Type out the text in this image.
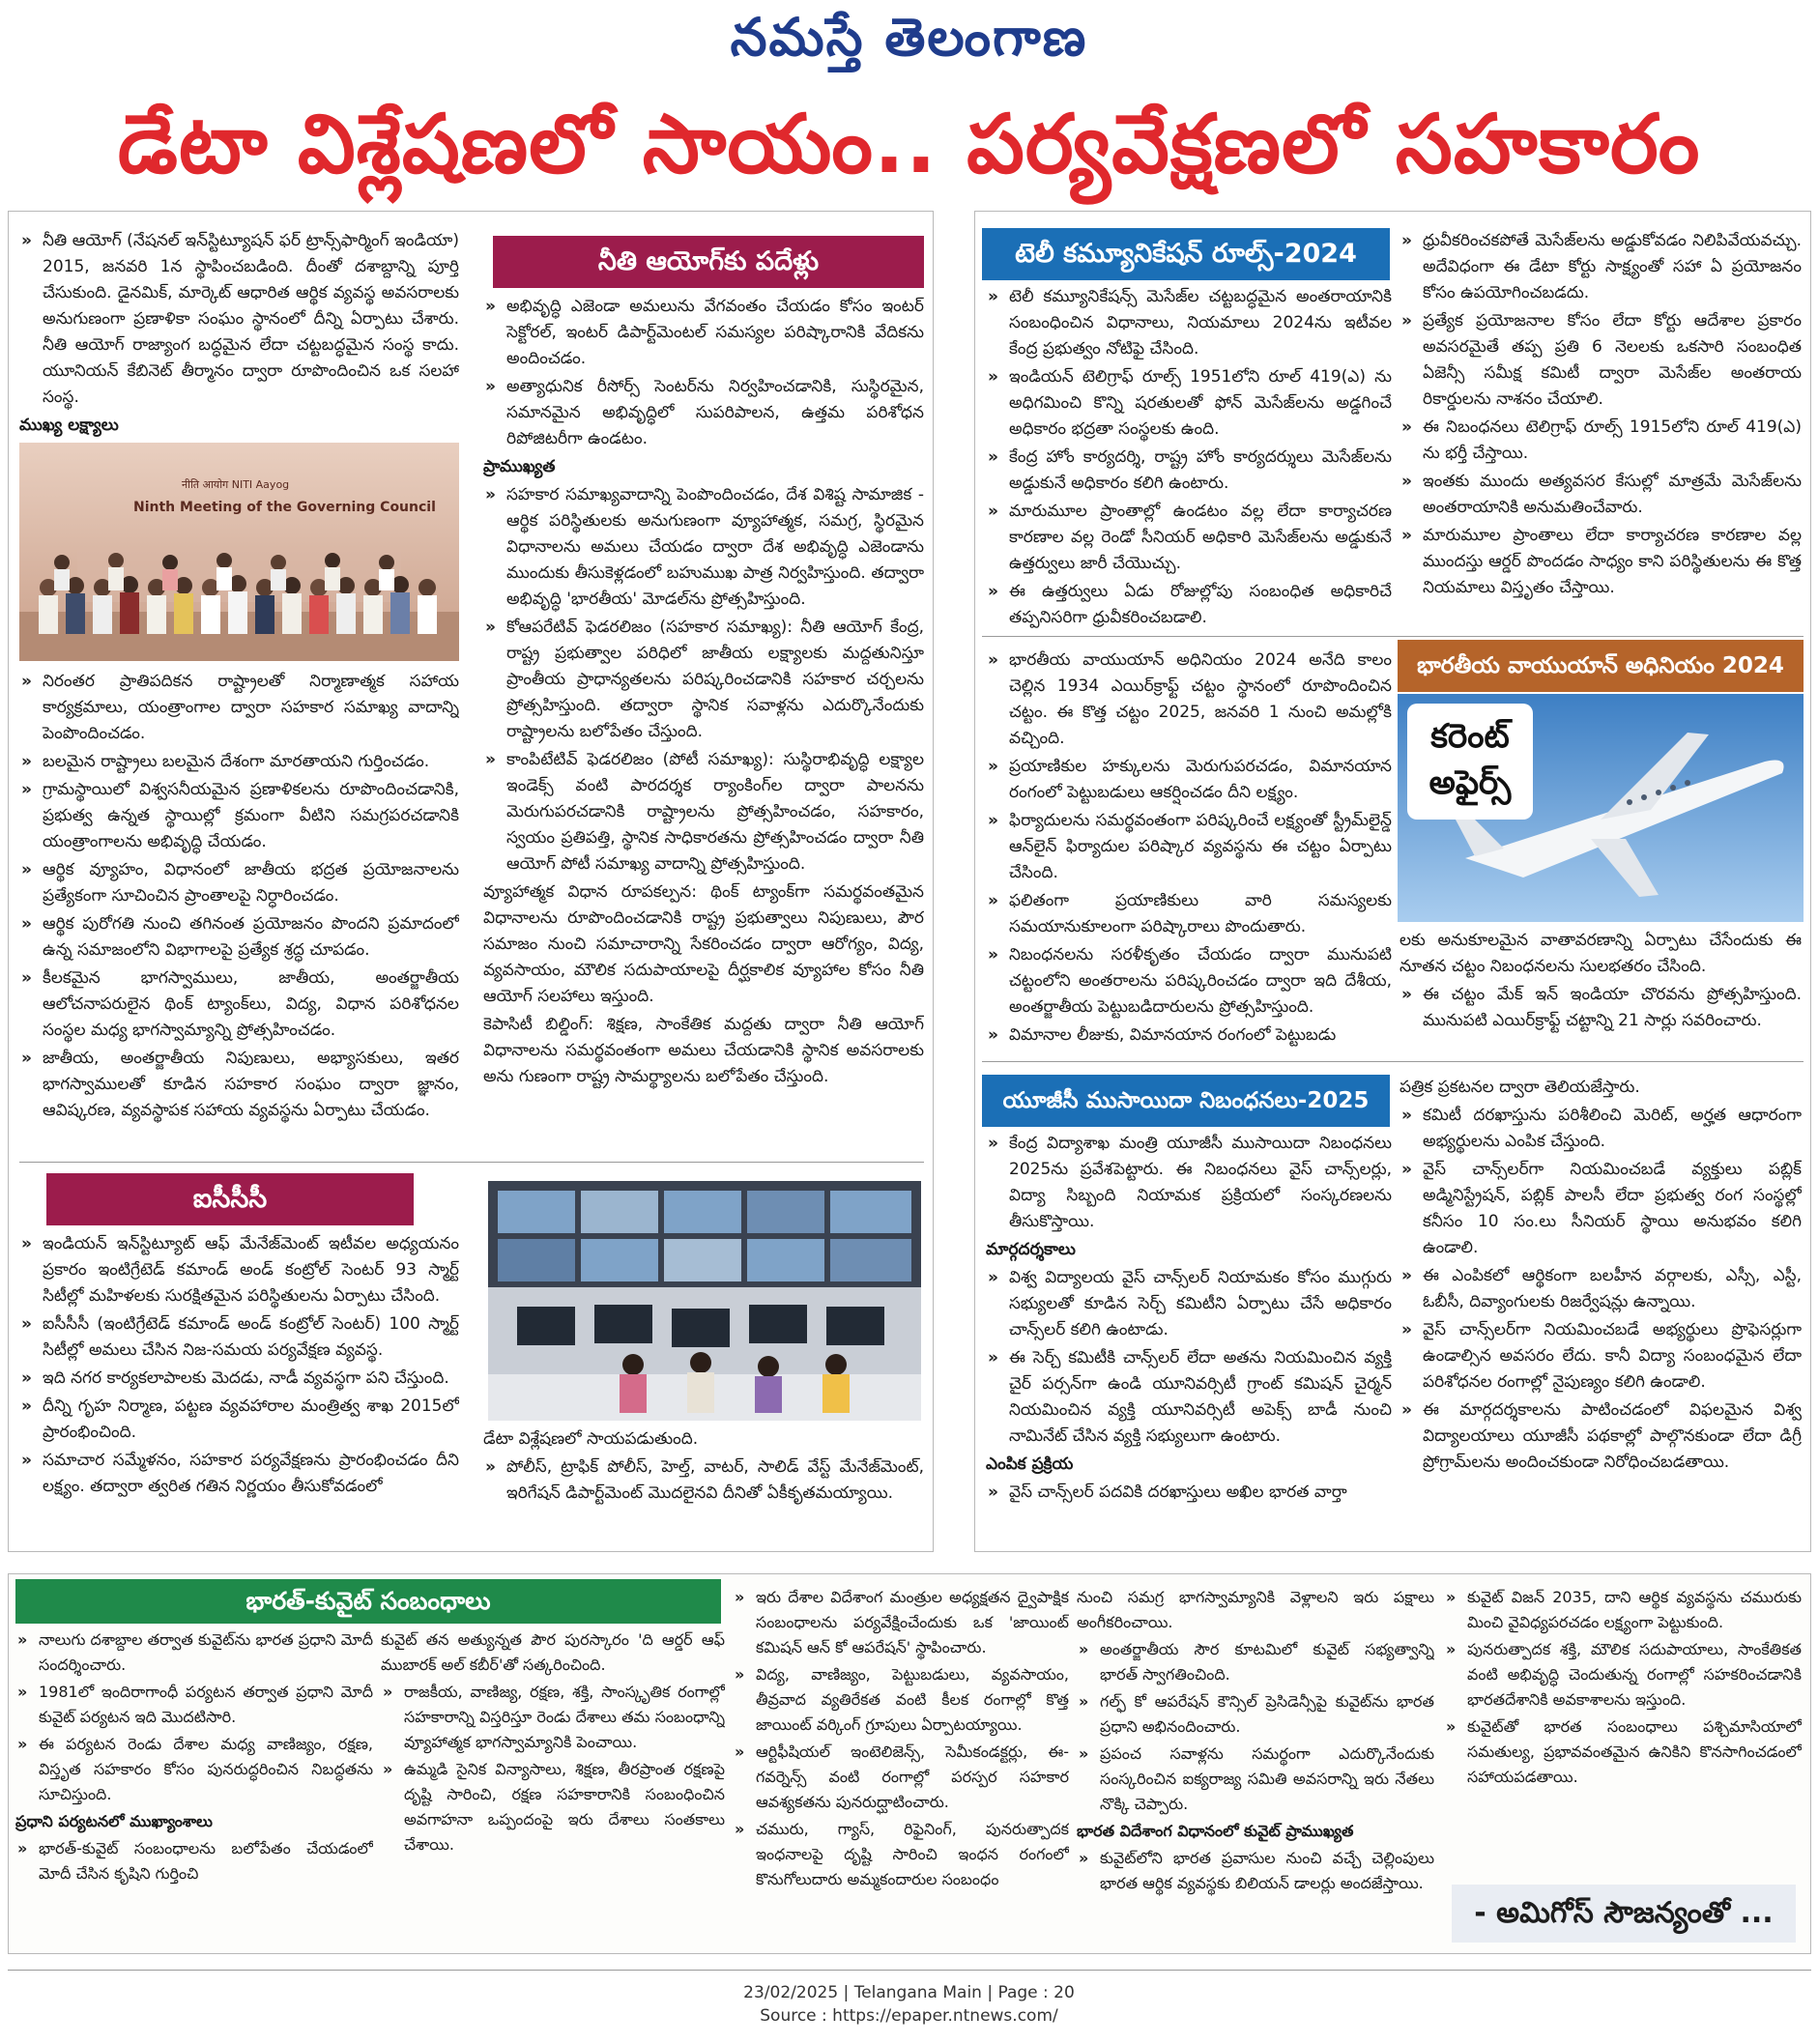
నమస్తే తెలంగాణ
డేటా విశ్లేషణలో సాయం.. పర్యవేక్షణలో సహకారం

» నీతి ఆయోగ్ (నేషనల్ ఇన్‌స్టిట్యూషన్ ఫర్ ట్రాన్స్‌ఫార్మింగ్ ఇండియా) 2015, జనవరి 1న స్థాపించబడింది. దీంతో దశాబ్దాన్ని పూర్తి చేసుకుంది. డైనమిక్, మార్కెట్ ఆధారిత ఆర్థిక వ్యవస్థ అవసరాలకు అనుగుణంగా ప్రణాళికా సంఘం స్థానంలో దీన్ని ఏర్పాటు చేశారు. నీతి ఆయోగ్ రాజ్యాంగ బద్ధమైన లేదా చట్టబద్ధమైన సంస్థ కాదు. యూనియన్ కేబినెట్ తీర్మానం ద్వారా రూపొందించిన ఒక సలహా సంస్థ.

ముఖ్య లక్ష్యాలు
नीति आयोग NITI Aayog
Ninth Meeting of the Governing Council

» నిరంతర ప్రాతిపదికన రాష్ట్రాలతో నిర్మాణాత్మక సహాయ కార్యక్రమాలు, యంత్రాంగాల ద్వారా సహకార సమాఖ్య వాదాన్ని పెంపొందించడం.

» బలమైన రాష్ట్రాలు బలమైన దేశంగా మారతాయని గుర్తించడం.

» గ్రామస్థాయిలో విశ్వసనీయమైన ప్రణాళికలను రూపొందించడానికి, ప్రభుత్వ ఉన్నత స్థాయిల్లో క్రమంగా వీటిని సమగ్రపరచడానికి యంత్రాంగాలను అభివృద్ధి చేయడం.

» ఆర్థిక వ్యూహం, విధానంలో జాతీయ భద్రత ప్రయోజనాలను ప్రత్యేకంగా సూచించిన ప్రాంతాలపై నిర్ధారించడం.

» ఆర్థిక పురోగతి నుంచి తగినంత ప్రయోజనం పొందని ప్రమాదంలో ఉన్న సమాజంలోని విభాగాలపై ప్రత్యేక శ్రద్ధ చూపడం.

» కీలకమైన భాగస్వాములు, జాతీయ, అంతర్జాతీయ ఆలోచనాపరులైన థింక్ ట్యాంక్‌లు, విద్య, విధాన పరిశోధనల సంస్థల మధ్య భాగస్వామ్యాన్ని ప్రోత్సహించడం.

» జాతీయ, అంతర్జాతీయ నిపుణులు, అభ్యాసకులు, ఇతర భాగస్వాములతో కూడిన సహకార సంఘం ద్వారా జ్ఞానం, ఆవిష్కరణ, వ్యవస్థాపక సహాయ వ్యవస్థను ఏర్పాటు చేయడం.

నీతి ఆయోగ్‌కు పదేళ్లు

» అభివృద్ధి ఎజెండా అమలును వేగవంతం చేయడం కోసం ఇంటర్ సెక్టోరల్, ఇంటర్ డిపార్ట్‌మెంటల్ సమస్యల పరిష్కారానికి వేదికను అందించడం.

» అత్యాధునిక రీసోర్స్ సెంటర్‌ను నిర్వహించడానికి, సుస్థిరమైన, సమానమైన అభివృద్ధిలో సుపరిపాలన, ఉత్తమ పరిశోధన రిపోజిటరీగా ఉండటం.

ప్రాముఖ్యత

» సహకార సమాఖ్యవాదాన్ని పెంపొందించడం, దేశ విశిష్ట సామాజిక - ఆర్థిక పరిస్థితులకు అనుగుణంగా వ్యూహాత్మక, సమగ్ర, స్థిరమైన విధానాలను అమలు చేయడం ద్వారా దేశ అభివృద్ధి ఎజెండాను ముందుకు తీసుకెళ్లడంలో బహుముఖ పాత్ర నిర్వహిస్తుంది. తద్వారా అభివృద్ధి 'భారతీయ' మోడల్‌ను ప్రోత్సహిస్తుంది.

» కోఆపరేటివ్ ఫెడరలిజం (సహకార సమాఖ్య): నీతి ఆయోగ్ కేంద్ర, రాష్ట్ర ప్రభుత్వాల పరిధిలో జాతీయ లక్ష్యాలకు మద్దతునిస్తూ ప్రాంతీయ ప్రాధాన్యతలను పరిష్కరించడానికి సహకార చర్చలను ప్రోత్సహిస్తుంది. తద్వారా స్థానిక సవాళ్లను ఎదుర్కొనేందుకు రాష్ట్రాలను బలోపేతం చేస్తుంది.

» కాంపిటేటివ్ ఫెడరలిజం (పోటీ సమాఖ్య): సుస్థిరాభివృద్ధి లక్ష్యాల ఇండెక్స్ వంటి పారదర్శక ర్యాంకింగ్‌ల ద్వారా పాలనను మెరుగుపరచడానికి రాష్ట్రాలను ప్రోత్సహించడం, సహకారం, స్వయం ప్రతిపత్తి, స్థానిక సాధికారతను ప్రోత్సహించడం ద్వారా నీతి ఆయోగ్ పోటీ సమాఖ్య వాదాన్ని ప్రోత్సహిస్తుంది.

వ్యూహాత్మక విధాన రూపకల్పన: థింక్ ట్యాంక్‌గా సమర్థవంతమైన విధానాలను రూపొందించడానికి రాష్ట్ర ప్రభుత్వాలు నిపుణులు, పౌర సమాజం నుంచి సమాచారాన్ని సేకరించడం ద్వారా ఆరోగ్యం, విద్య, వ్యవసాయం, మౌలిక సదుపాయాలపై దీర్ఘకాలిక వ్యూహాల కోసం నీతి ఆయోగ్ సలహాలు ఇస్తుంది.

కెపాసిటీ బిల్డింగ్: శిక్షణ, సాంకేతిక మద్దతు ద్వారా నీతి ఆయోగ్ విధానాలను సమర్థవంతంగా అమలు చేయడానికి స్థానిక అవసరాలకు అను గుణంగా రాష్ట్ర సామర్థ్యాలను బలోపేతం చేస్తుంది.

ఐసీసీసీ

» ఇండియన్ ఇన్‌స్టిట్యూట్ ఆఫ్ మేనేజ్‌మెంట్ ఇటీవల అధ్యయనం ప్రకారం ఇంటిగ్రేటెడ్ కమాండ్ అండ్ కంట్రోల్ సెంటర్ 93 స్మార్ట్ సిటీల్లో మహిళలకు సురక్షితమైన పరిస్థితులను ఏర్పాటు చేసింది.

» ఐసీసీసీ (ఇంటిగ్రేటెడ్ కమాండ్ అండ్ కంట్రోల్ సెంటర్) 100 స్మార్ట్ సిటీల్లో అమలు చేసిన నిజ-సమయ పర్యవేక్షణ వ్యవస్థ.

» ఇది నగర కార్యకలాపాలకు మెదడు, నాడీ వ్యవస్థగా పని చేస్తుంది.

» దీన్ని గృహ నిర్మాణ, పట్టణ వ్యవహారాల మంత్రిత్వ శాఖ 2015లో ప్రారంభించింది.

» సమాచార సమ్మేళనం, సహకార పర్యవేక్షణను ప్రారంభించడం దీని లక్ష్యం. తద్వారా త్వరిత గతిన నిర్ణయం తీసుకోవడంలో

డేటా విశ్లేషణలో సాయపడుతుంది.

» పోలీస్, ట్రాఫిక్ పోలీస్, హెల్త్, వాటర్, సాలిడ్ వేస్ట్ మేనేజ్‌మెంట్, ఇరిగేషన్ డిపార్ట్‌మెంట్ మొదలైనవి దీనితో ఏకీకృతమయ్యాయి.

టెలీ కమ్యూనికేషన్ రూల్స్-2024

» టెలీ కమ్యూనికేషన్స్ మెసేజ్‌ల చట్టబద్ధమైన అంతరాయానికి సంబంధించిన విధానాలు, నియమాలు 2024ను ఇటీవల కేంద్ర ప్రభుత్వం నోటిఫై చేసింది.

» ఇండియన్ టెలిగ్రాఫ్ రూల్స్ 1951లోని రూల్ 419(ఎ) ను అధిగమించి కొన్ని షరతులతో ఫోన్ మెసేజ్‌లను అడ్డగించే అధికారం భద్రతా సంస్థలకు ఉంది.

» కేంద్ర హోం కార్యదర్శి, రాష్ట్ర హోం కార్యదర్శులు మెసేజ్‌లను అడ్డుకునే అధికారం కలిగి ఉంటారు.

» మారుమూల ప్రాంతాల్లో ఉండటం వల్ల లేదా కార్యాచరణ కారణాల వల్ల రెండో సీనియర్ అధికారి మెసేజ్‌లను అడ్డుకునే ఉత్తర్వులు జారీ చేయొచ్చు.

» ఈ ఉత్తర్వులు ఏడు రోజుల్లోపు సంబంధిత అధికారిచే తప్పనిసరిగా ధ్రువీకరించబడాలి.

» ధ్రువీకరించకపోతే మెసేజ్‌లను అడ్డుకోవడం నిలిపివేయవచ్చు. అదేవిధంగా ఈ డేటా కోర్టు సాక్ష్యంతో సహా ఏ ప్రయోజనం కోసం ఉపయోగించబడదు.

» ప్రత్యేక ప్రయోజనాల కోసం లేదా కోర్టు ఆదేశాల ప్రకారం అవసరమైతే తప్ప ప్రతి 6 నెలలకు ఒకసారి సంబంధిత ఏజెన్సీ సమీక్ష కమిటీ ద్వారా మెసేజ్‌ల అంతరాయ రికార్డులను నాశనం చేయాలి.

» ఈ నిబంధనలు టెలిగ్రాఫ్ రూల్స్ 1915లోని రూల్ 419(ఎ) ను భర్తీ చేస్తాయి.

» ఇంతకు ముందు అత్యవసర కేసుల్లో మాత్రమే మెసేజ్‌లను అంతరాయానికి అనుమతించేవారు.

» మారుమూల ప్రాంతాలు లేదా కార్యాచరణ కారణాల వల్ల ముందస్తు ఆర్డర్ పొందడం సాధ్యం కాని పరిస్థితులను ఈ కొత్త నియమాలు విస్తృతం చేస్తాయి.

భారతీయ వాయుయాన్ అధినియం 2024
కరెంట్
అఫైర్స్

» భారతీయ వాయుయాన్ అధినియం 2024 అనేది కాలం చెల్లిన 1934 ఎయిర్‌క్రాఫ్ట్ చట్టం స్థానంలో రూపొందించిన చట్టం. ఈ కొత్త చట్టం 2025, జనవరి 1 నుంచి అమల్లోకి వచ్చింది.

» ప్రయాణికుల హక్కులను మెరుగుపరచడం, విమానయాన రంగంలో పెట్టుబడులు ఆకర్షించడం దీని లక్ష్యం.

» ఫిర్యాదులను సమర్థవంతంగా పరిష్కరించే లక్ష్యంతో స్ట్రీమ్‌లైన్డ్ ఆన్‌లైన్ ఫిర్యాదుల పరిష్కార వ్యవస్థను ఈ చట్టం ఏర్పాటు చేసింది.

» ఫలితంగా ప్రయాణికులు వారి సమస్యలకు సమయానుకూలంగా పరిష్కారాలు పొందుతారు.

» నిబంధనలను సరళీకృతం చేయడం ద్వారా మునుపటి చట్టంలోని అంతరాలను పరిష్కరించడం ద్వారా ఇది దేశీయ, అంతర్జాతీయ పెట్టుబడిదారులను ప్రోత్సహిస్తుంది.

» విమానాల లీజుకు, విమానయాన రంగంలో పెట్టుబడు

లకు అనుకూలమైన వాతావరణాన్ని ఏర్పాటు చేసేందుకు ఈ నూతన చట్టం నిబంధనలను సులభతరం చేసింది.

» ఈ చట్టం మేక్ ఇన్ ఇండియా చొరవను ప్రోత్సహిస్తుంది. మునుపటి ఎయిర్‌క్రాఫ్ట్ చట్టాన్ని 21 సార్లు సవరించారు.

యూజీసీ ముసాయిదా నిబంధనలు-2025

» కేంద్ర విద్యాశాఖ మంత్రి యూజీసీ ముసాయిదా నిబంధనలు 2025ను ప్రవేశపెట్టారు. ఈ నిబంధనలు వైస్ చాన్స్‌లర్లు, విద్యా సిబ్బంది నియామక ప్రక్రియలో సంస్కరణలను తీసుకొస్తాయి.

మార్గదర్శకాలు

» విశ్వ విద్యాలయ వైస్ చాన్స్‌లర్ నియామకం కోసం ముగ్గురు సభ్యులతో కూడిన సెర్చ్ కమిటీని ఏర్పాటు చేసే అధికారం చాన్స్‌లర్ కలిగి ఉంటాడు.

» ఈ సెర్చ్ కమిటీకి చాన్స్‌లర్ లేదా అతను నియమించిన వ్యక్తి చైర్ పర్సన్‌గా ఉండి యూనివర్సిటీ గ్రాంట్ కమిషన్ చైర్మన్ నియమించిన వ్యక్తి యూనివర్సిటీ అపెక్స్ బాడీ నుంచి నామినేట్ చేసిన వ్యక్తి సభ్యులుగా ఉంటారు.

ఎంపిక ప్రక్రియ

» వైస్ చాన్స్‌లర్ పదవికి దరఖాస్తులు అఖిల భారత వార్తా

పత్రిక ప్రకటనల ద్వారా తెలియజేస్తారు.

» కమిటీ దరఖాస్తును పరిశీలించి మెరిట్, అర్హత ఆధారంగా అభ్యర్థులను ఎంపిక చేస్తుంది.

» వైస్ చాన్స్‌లర్‌గా నియమించబడే వ్యక్తులు పబ్లిక్ అడ్మినిస్ట్రేషన్, పబ్లిక్ పాలసీ లేదా ప్రభుత్వ రంగ సంస్థల్లో కనీసం 10 సం.లు సీనియర్ స్థాయి అనుభవం కలిగి ఉండాలి.

» ఈ ఎంపికలో ఆర్థికంగా బలహీన వర్గాలకు, ఎస్సీ, ఎస్టీ, ఓబీసీ, దివ్యాంగులకు రిజర్వేషన్లు ఉన్నాయి.

» వైస్ చాన్స్‌లర్‌గా నియమించబడే అభ్యర్థులు ప్రొఫెసర్లుగా ఉండాల్సిన అవసరం లేదు. కానీ విద్యా సంబంధమైన లేదా పరిశోధనల రంగాల్లో నైపుణ్యం కలిగి ఉండాలి.

» ఈ మార్గదర్శకాలను పాటించడంలో విఫలమైన విశ్వ విద్యాలయాలు యూజీసీ పథకాల్లో పాల్గొనకుండా లేదా డిగ్రీ ప్రోగ్రామ్‌లను అందించకుండా నిరోధించబడతాయి.

భారత్-కువైట్ సంబంధాలు

» నాలుగు దశాబ్దాల తర్వాత కువైట్‌ను భారత ప్రధాని మోదీ సందర్శించారు.

» 1981లో ఇందిరాగాంధీ పర్యటన తర్వాత ప్రధాని మోదీ కువైట్ పర్యటన ఇది మొదటిసారి.

» ఈ పర్యటన రెండు దేశాల మధ్య వాణిజ్యం, రక్షణ, విస్తృత సహకారం కోసం పునరుద్ధరించిన నిబద్ధతను సూచిస్తుంది.

ప్రధాని పర్యటనలో ముఖ్యాంశాలు

» భారత్-కువైట్ సంబంధాలను బలోపేతం చేయడంలో మోదీ చేసిన కృషిని గుర్తించి

కువైట్ తన అత్యున్నత పౌర పురస్కారం 'ది ఆర్డర్ ఆఫ్ ముబారక్ అల్ కబీర్'తో సత్కరించింది.

» రాజకీయ, వాణిజ్య, రక్షణ, శక్తి, సాంస్కృతిక రంగాల్లో సహకారాన్ని విస్తరిస్తూ రెండు దేశాలు తమ సంబంధాన్ని వ్యూహాత్మక భాగస్వామ్యానికి పెంచాయి.

» ఉమ్మడి సైనిక విన్యాసాలు, శిక్షణ, తీరప్రాంత రక్షణపై దృష్టి సారించి, రక్షణ సహకారానికి సంబంధించిన అవగాహనా ఒప్పందంపై ఇరు దేశాలు సంతకాలు చేశాయి.

» ఇరు దేశాల విదేశాంగ మంత్రుల అధ్యక్షతన ద్వైపాక్షిక సంబంధాలను పర్యవేక్షించేందుకు ఒక 'జాయింట్ కమిషన్ ఆన్ కో ఆపరేషన్' స్థాపించారు.

» విద్య, వాణిజ్యం, పెట్టుబడులు, వ్యవసాయం, తీవ్రవాద వ్యతిరేకత వంటి కీలక రంగాల్లో కొత్త జాయింట్ వర్కింగ్ గ్రూపులు ఏర్పాటయ్యాయి.

» ఆర్టిఫీషియల్ ఇంటెలిజెన్స్, సెమీకండక్టర్లు, ఈ-గవర్నెన్స్ వంటి రంగాల్లో పరస్పర సహకార ఆవశ్యకతను పునరుద్ఘాటించారు.

» చమురు, గ్యాస్, రిఫైనింగ్, పునరుత్పాదక ఇంధనాలపై దృష్టి సారించి ఇంధన రంగంలో కొనుగోలుదారు అమ్మకందారుల సంబంధం

నుంచి సమగ్ర భాగస్వామ్యానికి వెళ్లాలని ఇరు పక్షాలు అంగీకరించాయి.

» అంతర్జాతీయ సౌర కూటమిలో కువైట్ సభ్యత్వాన్ని భారత్ స్వాగతించింది.

» గల్ఫ్ కో ఆపరేషన్ కౌన్సిల్ ప్రెసిడెన్సీపై కువైట్‌ను భారత ప్రధాని అభినందించారు.

» ప్రపంచ సవాళ్లను సమర్థంగా ఎదుర్కొనేందుకు సంస్కరించిన ఐక్యరాజ్య సమితి అవసరాన్ని ఇరు నేతలు నొక్కి చెప్పారు.

భారత విదేశాంగ విధానంలో కువైట్ ప్రాముఖ్యత

» కువైట్‌లోని భారత ప్రవాసుల నుంచి వచ్చే చెల్లింపులు భారత ఆర్థిక వ్యవస్థకు బిలియన్ డాలర్లు అందజేస్తాయి.

» కువైట్ విజన్ 2035, దాని ఆర్థిక వ్యవస్థను చమురుకు మించి వైవిధ్యపరచడం లక్ష్యంగా పెట్టుకుంది.

» పునరుత్పాదక శక్తి, మౌలిక సదుపాయాలు, సాంకేతికత వంటి అభివృద్ధి చెందుతున్న రంగాల్లో సహకరించడానికి భారతదేశానికి అవకాశాలను ఇస్తుంది.

» కువైట్‌తో భారత సంబంధాలు పశ్చిమాసియాలో సమతుల్య, ప్రభావవంతమైన ఉనికిని కొనసాగించడంలో సహాయపడతాయి.

- అమిగోస్ సౌజన్యంతో ...
23/02/2025 | Telangana Main | Page : 20
Source : https://epaper.ntnews.com/
